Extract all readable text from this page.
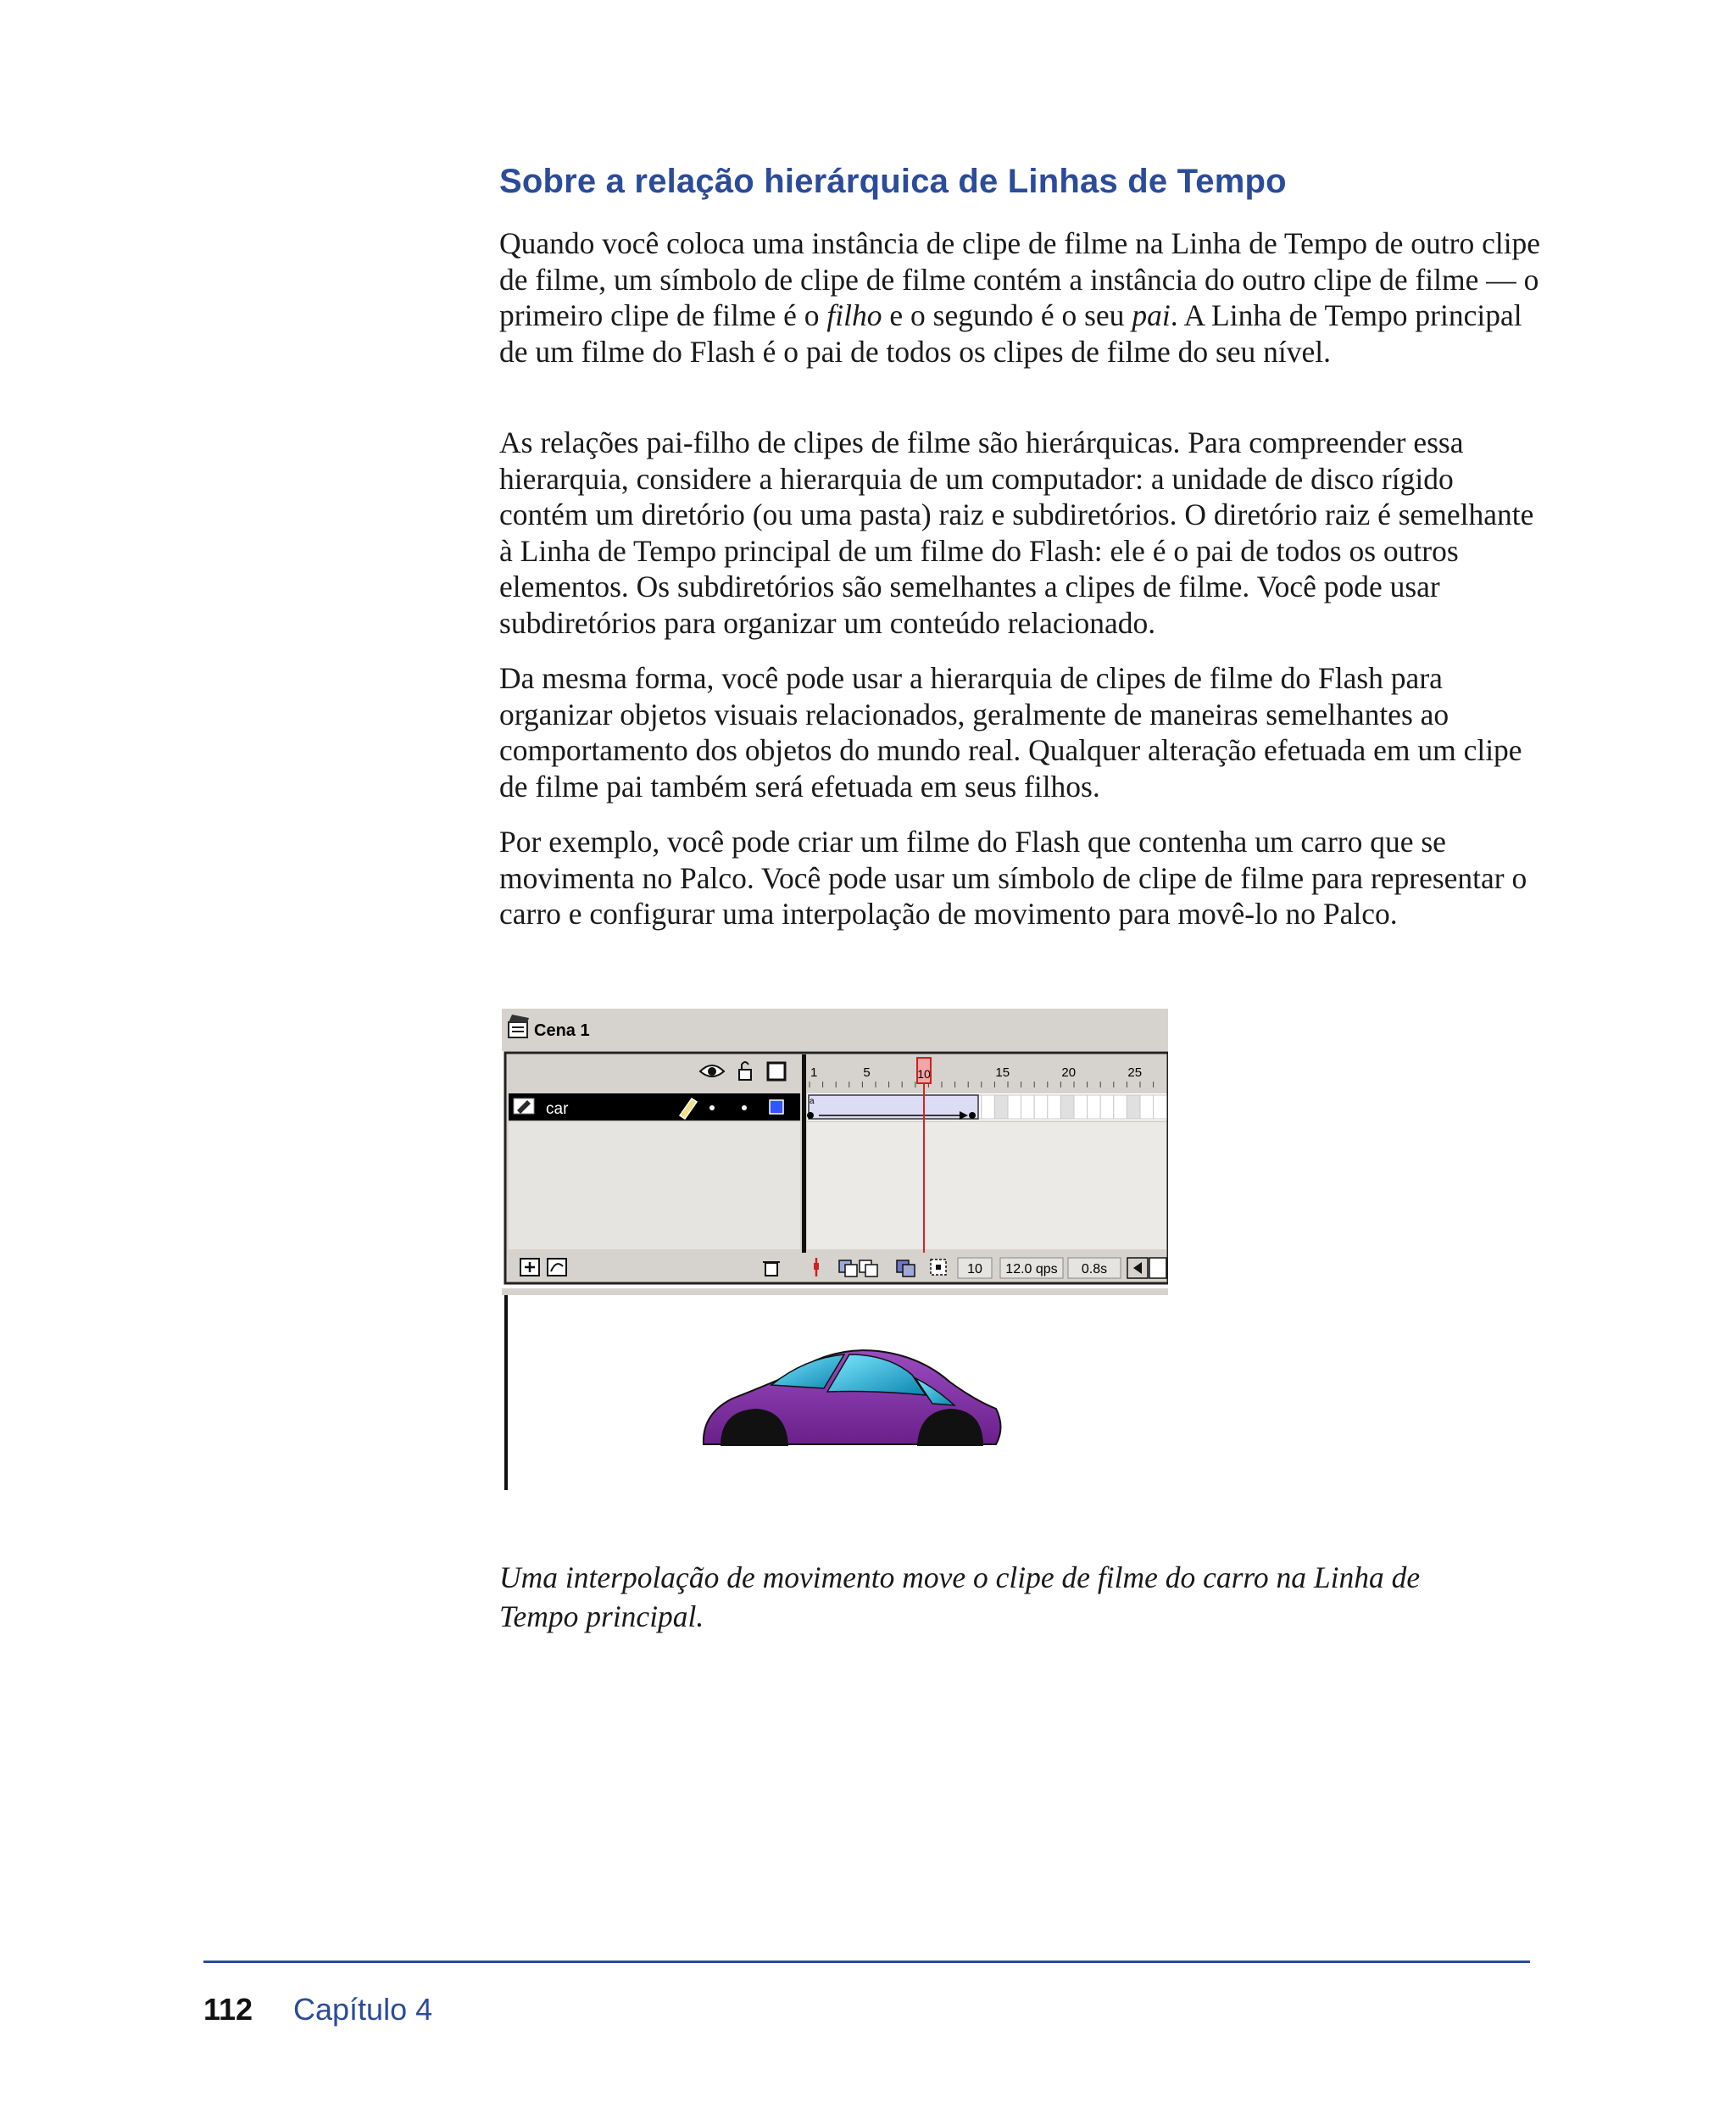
Sobre a relação hierárquica de Linhas de Tempo

Quando você coloca uma instância de clipe de filme na Linha de Tempo de outro clipe de filme, um símbolo de clipe de filme contém a instância do outro clipe de filme — o primeiro clipe de filme é o filho e o segundo é o seu pai. A Linha de Tempo principal de um filme do Flash é o pai de todos os clipes de filme do seu nível.

As relações pai-filho de clipes de filme são hierárquicas. Para compreender essa hierarquia, considere a hierarquia de um computador: a unidade de disco rígido contém um diretório (ou uma pasta) raiz e subdiretórios. O diretório raiz é semelhante à Linha de Tempo principal de um filme do Flash: ele é o pai de todos os outros elementos. Os subdiretórios são semelhantes a clipes de filme. Você pode usar subdiretórios para organizar um conteúdo relacionado.

Da mesma forma, você pode usar a hierarquia de clipes de filme do Flash para organizar objetos visuais relacionados, geralmente de maneiras semelhantes ao comportamento dos objetos do mundo real. Qualquer alteração efetuada em um clipe de filme pai também será efetuada em seus filhos.

Por exemplo, você pode criar um filme do Flash que contenha um carro que se movimenta no Palco. Você pode usar um símbolo de clipe de filme para representar o carro e configurar uma interpolação de movimento para movê-lo no Palco.

Cena 1
car
1	5	15	20	25
a
10
10 12.0 qps 0.8s

Uma interpolação de movimento move o clipe de filme do carro na Linha de Tempo principal.

112 Capítulo 4
